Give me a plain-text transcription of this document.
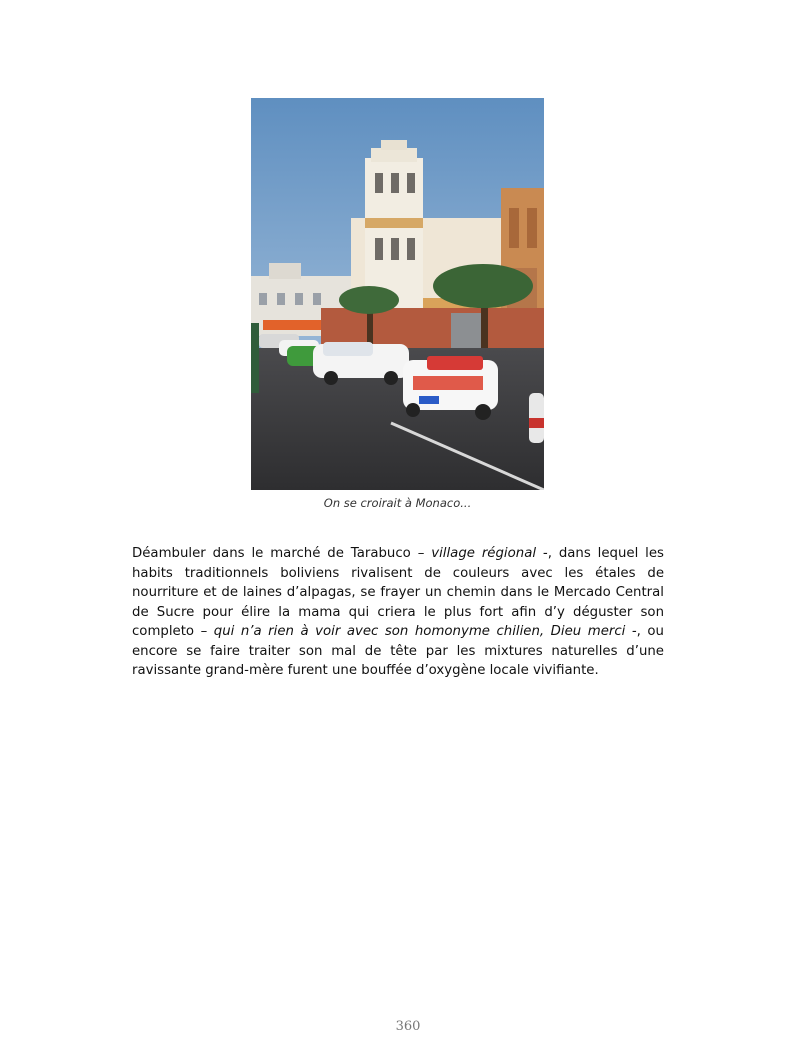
On se croirait à Monaco...

Déambuler dans le marché de Tarabuco – village régional -, dans lequel les habits traditionnels boliviens rivalisent de couleurs avec les étales de nourriture et de laines d’alpagas, se frayer un chemin dans le Mercado Central de Sucre pour élire la mama qui criera le plus fort afin d’y déguster son completo – qui n’a rien à voir avec son homonyme chilien, Dieu merci -, ou encore se faire traiter son mal de tête par les mixtures naturelles d’une ravissante grand-mère furent une bouffée d’oxygène locale vivifiante.

360
